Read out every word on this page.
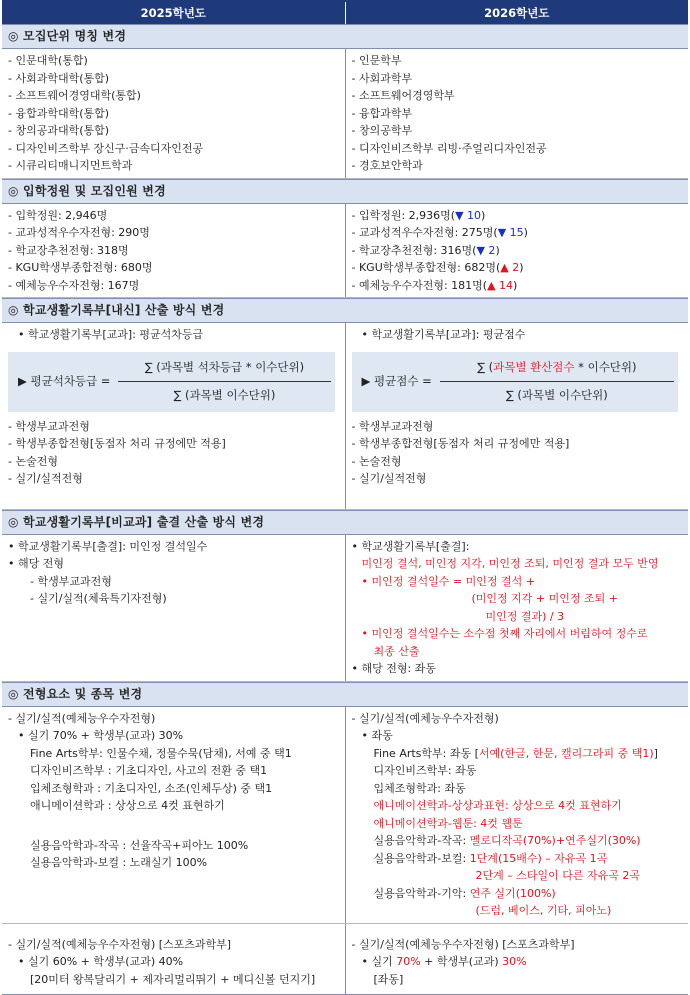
2025학년도	2026학년도
◎ 모집단위 명칭 변경
- 인문대학(통합)
- 사회과학대학(통합)
- 소프트웨어경영대학(통합)
- 융합과학대학(통합)
- 창의공과대학(통합)
- 디자인비즈학부 장신구·금속디자인전공
- 시큐리티매니지먼트학과
- 인문학부
- 사회과학부
- 소프트웨어경영학부
- 융합과학부
- 창의공학부
- 디자인비즈학부 리빙·주얼리디자인전공
- 경호보안학과
◎ 입학정원 및 모집인원 변경
- 입학정원: 2,946명
- 교과성적우수자전형: 290명
- 학교장추천전형: 318명
- KGU학생부종합전형: 680명
- 예체능우수자전형: 167명
- 입학정원: 2,936명(▼ 10)
- 교과성적우수자전형: 275명(▼ 15)
- 학교장추천전형: 316명(▼ 2)
- KGU학생부종합전형: 682명(▲ 2)
- 예체능우수자전형: 181명(▲ 14)
◎ 학교생활기록부[내신] 산출 방식 변경
• 학교생활기록부[교과]: 평균석차등급
▶ 평균석차등급 = $\frac{\text{∑ (과목별 석차등급 * 이수단위)}}{\text{∑ (과목별 이수단위)}}$
- 학생부교과전형
- 학생부종합전형[동점자 처리 규정에만 적용]
- 논술전형
- 실기/실적전형
• 학교생활기록부[교과]: 평균점수
▶ 평균점수 = $\frac{\text{∑ (과목별 환산점수 * 이수단위)}}{\text{∑ (과목별 이수단위)}}$
- 학생부교과전형
- 학생부종합전형[동점자 처리 규정에만 적용]
- 논술전형
- 실기/실적전형
◎ 학교생활기록부[비교과] 출결 산출 방식 변경
• 학교생활기록부[출결]: 미인정 결석일수
• 해당 전형
- 학생부교과전형
- 실기/실적(체육특기자전형)
• 학교생활기록부[출결]:
미인정 결석, 미인정 지각, 미인정 조퇴, 미인정 결과 모두 반영
• 미인정 결석일수 = 미인정 결석 +
(미인정 지각 + 미인정 조퇴 +
미인정 결과) / 3
• 미인정 결석일수는 소수점 첫째 자리에서 버림하여 정수로
최종 산출
• 해당 전형: 좌동
◎ 전형요소 및 종목 변경
- 실기/실적(예체능우수자전형)
• 실기 70% + 학생부(교과) 30%
Fine Arts학부: 인물수채, 정물수묵(담채), 서예 중 택1
디자인비즈학부 : 기초디자인, 사고의 전환 중 택1
입체조형학과 : 기초디자인, 소조(인체두상) 중 택1
애니메이션학과 : 상상으로 4컷 표현하기
실용음악학과-작곡 : 선율작곡+피아노 100%
실용음악학과-보컬 : 노래실기 100%
- 실기/실적(예체능우수자전형)
• 좌동
Fine Arts학부: 좌동 [서예(한글, 한문, 캘리그라피 중 택1)]
디자인비즈학부: 좌동
입체조형학과: 좌동
애니메이션학과-상상과표현: 상상으로 4컷 표현하기
애니메이션학과-웹툰: 4컷 웹툰
실용음악학과-작곡: 멜로디작곡(70%)+연주실기(30%)
실용음악학과-보컬: 1단계(15배수) – 자유곡 1곡
2단계 – 스타일이 다른 자유곡 2곡
실용음악학과-기악: 연주 실기(100%)
(드럼, 베이스, 기타, 피아노)
- 실기/실적(예체능우수자전형) [스포츠과학부]
• 실기 60% + 학생부(교과) 40%
[20미터 왕복달리기 + 제자리멀리뛰기 + 메디신볼 던지기]
- 실기/실적(예체능우수자전형) [스포츠과학부]
• 실기 70% + 학생부(교과) 30%
[좌동]
